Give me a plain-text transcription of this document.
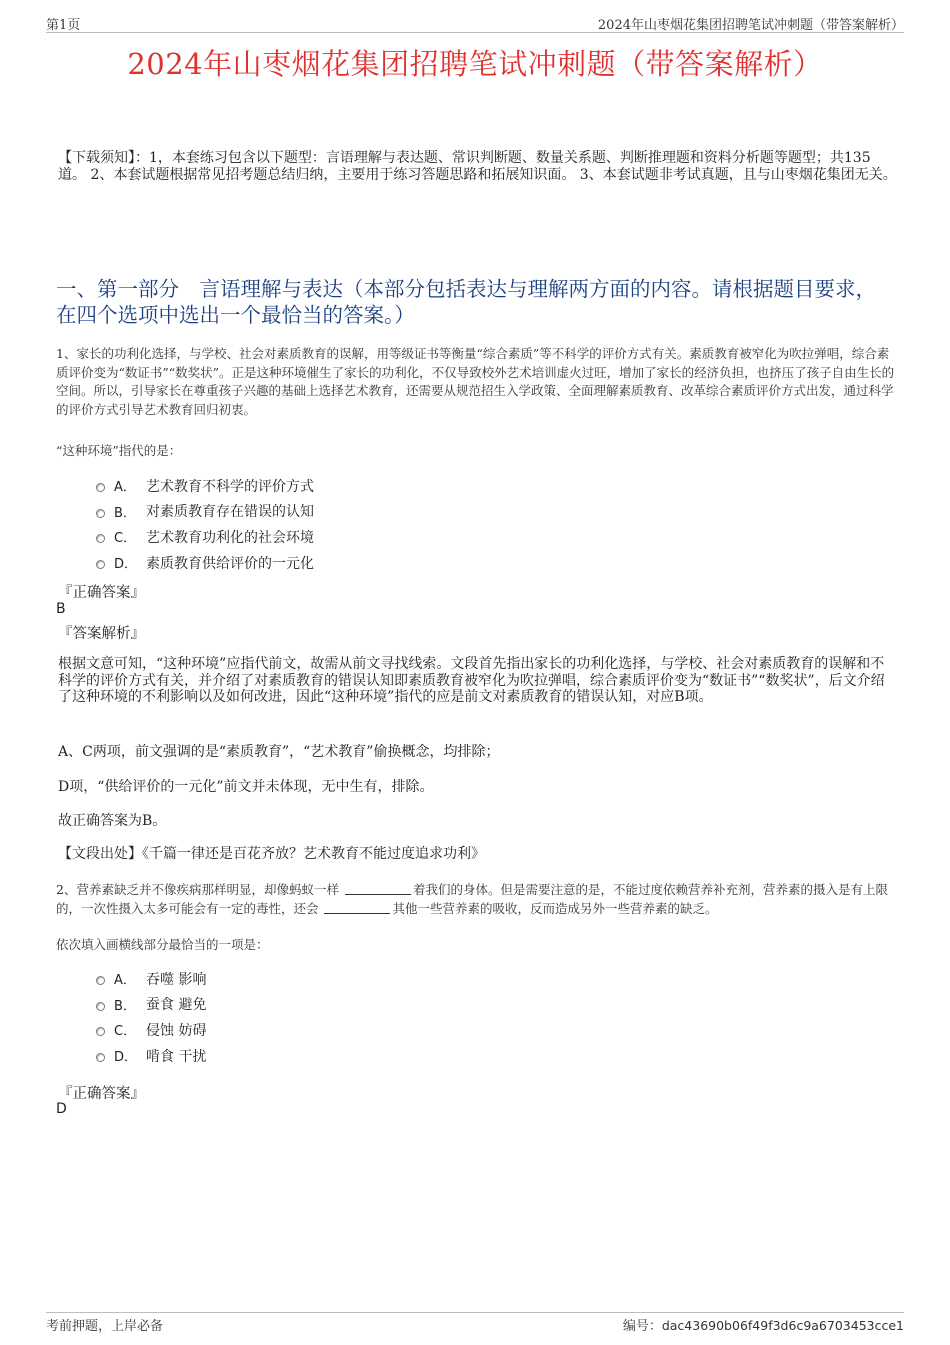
第1页	2024年山枣烟花集团招聘笔试冲刺题（带答案解析）
2024年山枣烟花集团招聘笔试冲刺题（带答案解析）
【下载须知】：1，本套练习包含以下题型：言语理解与表达题、常识判断题、数量关系题、判断推理题和资料分析题等题型；共135道。 2、本套试题根据常见招考题总结归纳，主要用于练习答题思路和拓展知识面。 3、本套试题非考试真题，且与山枣烟花集团无关。
一、第一部分　言语理解与表达（本部分包括表达与理解两方面的内容。请根据题目要求，在四个选项中选出一个最恰当的答案。）
1、家长的功利化选择，与学校、社会对素质教育的误解，用等级证书等衡量“综合素质”等不科学的评价方式有关。素质教育被窄化为吹拉弹唱，综合素质评价变为“数证书”“数奖状”。正是这种环境催生了家长的功利化，不仅导致校外艺术培训虚火过旺，增加了家长的经济负担，也挤压了孩子自由生长的空间。所以，引导家长在尊重孩子兴趣的基础上选择艺术教育，还需要从规范招生入学政策、全面理解素质教育、改革综合素质评价方式出发，通过科学的评价方式引导艺术教育回归初衷。
“这种环境”指代的是：
A． 艺术教育不科学的评价方式
B． 对素质教育存在错误的认知
C． 艺术教育功利化的社会环境
D． 素质教育供给评价的一元化
『正确答案』
B
『答案解析』
根据文意可知，“这种环境”应指代前文，故需从前文寻找线索。文段首先指出家长的功利化选择，与学校、社会对素质教育的误解和不科学的评价方式有关，并介绍了对素质教育的错误认知即素质教育被窄化为吹拉弹唱，综合素质评价变为“数证书”“数奖状”，后文介绍了这种环境的不利影响以及如何改进，因此“这种环境”指代的应是前文对素质教育的错误认知，对应B项。
A、C两项，前文强调的是“素质教育”，“艺术教育”偷换概念，均排除；
D项，“供给评价的一元化”前文并未体现，无中生有，排除。
故正确答案为B。
【文段出处】《千篇一律还是百花齐放？艺术教育不能过度追求功利》
2、营养素缺乏并不像疾病那样明显，却像蚂蚁一样	着我们的身体。但是需要注意的是，不能过度依赖营养补充剂，营养素的摄入是有上限的，一次性摄入太多可能会有一定的毒性，还会	其他一些营养素的吸收，反而造成另外一些营养素的缺乏。
依次填入画横线部分最恰当的一项是：
A． 吞噬 影响
B． 蚕食 避免
C． 侵蚀 妨碍
D． 啃食 干扰
『正确答案』
D
考前押题，上岸必备	编号：dac43690b06f49f3d6c9a6703453cce1
